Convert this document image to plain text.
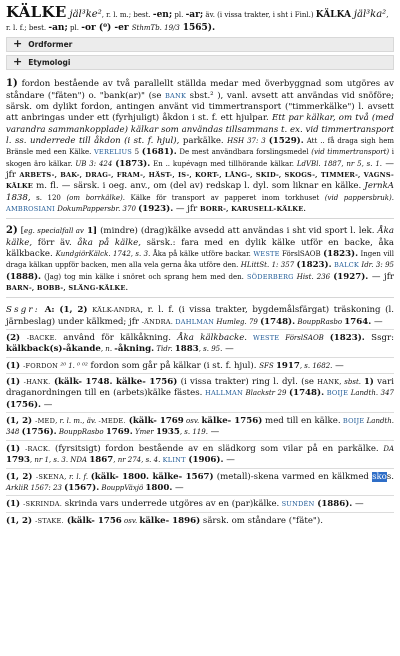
KÄLKE jäl³ke², r. l. m.; best. -en; pl. -ar; äv. (i vissa trakter, i sht i Finl.) KÄLKA jäl³ka², r. l. f.; best. -an; pl. -or (⁰) -er SthmTb. 19/3 1565).
+ Ordformer
+ Etymologi

1) fordon bestående av två parallellt ställda medar med överbyggnad som utgöres av ståndare ("fäten") o. "bank(ar)" (se BANK sbst.² ), vanl. avsett att användas vid snöföre; särsk. om dylikt fordon, antingen använt vid timmertransport ("timmerkälke") l. avsett att anbringas under ett (fyrhjuligt) åkdon i st. f. ett hjulpar. Ett par kälkar, om två (med varandra sammankopplade) kälkar som användas tillsammans t. ex. vid timmertransport l. ss. underrede till åkdon (i st. f. hjul), parkälke. HSH 37: 3 (1529). Att .. få draga sigh hem Bränsle med een Kälke. VERELIUS 5 (1681). De mest användbara forslingsmedel (vid timmertransport) i skogen äro kälkar. UB 3: 424 (1873). En .. kupévagn med tillhörande kälkar. LdVBl. 1887, nr 5, s. 1. — jfr ARBETS-, BAK-, DRAG-, FRAM-, HÄST-, IS-, KORT-, LÅNG-, SKID-, SKOGS-, TIMMER-, VAGNS-KÄLKE m. fl. — särsk. i oeg. anv., om (del av) redskap l. dyl. som liknar en kälke. JernkA 1838, s. 120 (om borrkälke). Kälke för transport av papperet inom torkhuset (vid pappersbruk). AMBROSIANI DokumPappersbr. 370 (1923). — jfr BORR-, KARUSELL-KÄLKE.

2) [eg. specialfall av 1] (mindre) (drag)kälke avsedd att användas i sht vid sport l. lek. Åka kälke, förr äv. åka på kälke, särsk.: fara med en dylik kälke utför en backe, åka kälkbacke. KundgiörKälck. 1742, s. 3. Åka på kälke utföre backar. WESTE FörslSAOB (1823). Ingen vill draga kälkan uppför backen, men alla vela gerna åka utföre den. HLittSt. 1: 357 (1823). BALCK Idr. 3: 95 (1888). (Jag) tog min kälke i snöret och sprang hem med den. SÖDERBERG Hist. 236 (1927). — jfr BARN-, BOBB-, SLÄNG-KÄLKE.

Ssgr: A: (1, 2) KÄLK-ANDRA, r. l. f. (i vissa trakter, bygdemålsfärgat) träskoning (l. järnbeslag) under kälkmed; jfr -ÄNDRA. DAHLMAN Humleg. 79 (1748). BouppRasbo 1764. —
(2) -BACKE. anvând för kälkåkning. Åka kälkbacke. WESTE FörslSAOB (1823). Ssgr: kälkback(s)-åkande, n. -åkning. Tidr. 1883, s. 95. —
(1) -FORDON ²⁰ 1. ⁰ ⁰² fordon som går på kälkar (i st. f. hjul). SFS 1917, s. 1682. —
(1) -HANK. (kälk- 1748. kälke- 1756) (i vissa trakter) ring l. dyl. (se HANK, sbst. 1) vari draganordningen till en (arbets)kälke fästes. HALLMAN Blackstr 29 (1748). BOIJE Landth. 347 (1756). —
(1, 2) -MED, r. l. m., äv. -MEDE. (kälk- 1769 osv. kälke- 1756) med till en kälke. BOIJE Landth. 348 (1756). BouppRasbo 1769. Ymer 1935, s. 119. —
(1) -RACK. (fyrsitsigt) fordon bestående av en slädkorg som vilar på en parkälke. DA 1793, nr 1, s. 3. NDA 1867, nr 274, s. 4. KLINT (1906). —
(1, 2) -SKENA, r. l. f. (kälk- 1800. kälke- 1567) (metall)-skena varmed en kälkmed skos. ArkliR 1567: 23 (1567). BouppVäxjö 1800. —
(1) -SKRINDA. skrinda vars underrede utgöres av en (par)kälke. SUNDÉN (1886). —
(1, 2) -STAKE. (kälk- 1756 osv. kälke- 1896) särsk. om ståndare ("fäte").
